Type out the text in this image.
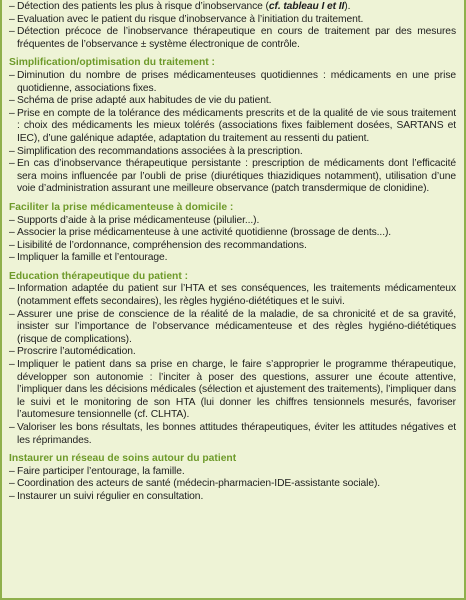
– Détection des patients les plus à risque d’inobservance (cf. tableau I et II).
– Evaluation avec le patient du risque d’inobservance à l’initiation du traitement.
– Détection précoce de l’inobservance thérapeutique en cours de traitement par des mesures fréquentes de l’observance ± système électronique de contrôle.
Simplification/optimisation du traitement :
– Diminution du nombre de prises médicamenteuses quotidiennes : médicaments en une prise quotidienne, associations fixes.
– Schéma de prise adapté aux habitudes de vie du patient.
– Prise en compte de la tolérance des médicaments prescrits et de la qualité de vie sous traitement : choix des médicaments les mieux tolérés (associations fixes faiblement dosées, SARTANS et IEC), d’une galénique adaptée, adaptation du traitement au ressenti du patient.
– Simplification des recommandations associées à la prescription.
– En cas d’inobservance thérapeutique persistante : prescription de médicaments dont l’efficacité sera moins influencée par l’oubli de prise (diurétiques thiazidiques notamment), utilisation d’une voie d’administration assurant une meilleure observance (patch transdermique de clonidine).
Faciliter la prise médicamenteuse à domicile :
– Supports d’aide à la prise médicamenteuse (pilulier...).
– Associer la prise médicamenteuse à une activité quotidienne (brossage de dents...).
– Lisibilité de l’ordonnance, compréhension des recommandations.
– Impliquer la famille et l’entourage.
Education thérapeutique du patient :
– Information adaptée du patient sur l’HTA et ses conséquences, les traitements médicamenteux (notamment effets secondaires), les règles hygiéno-diététiques et le suivi.
– Assurer une prise de conscience de la réalité de la maladie, de sa chronicité et de sa gravité, insister sur l’importance de l’observance médicamenteuse et des règles hygiéno-diététiques (risque de complications).
– Proscrire l’automédication.
– Impliquer le patient dans sa prise en charge, le faire s’approprier le programme thérapeutique, développer son autonomie : l’inciter à poser des questions, assurer une écoute attentive, l’impliquer dans les décisions médicales (sélection et ajustement des traitements), l’impliquer dans le suivi et le monitoring de son HTA (lui donner les chiffres tensionnels mesurés, favoriser l’automesure tensionnelle (cf. CLHTA).
– Valoriser les bons résultats, les bonnes attitudes thérapeutiques, éviter les attitudes négatives et les réprimandes.
Instaurer un réseau de soins autour du patient
– Faire participer l’entourage, la famille.
– Coordination des acteurs de santé (médecin-pharmacien-IDE-assistante sociale).
– Instaurer un suivi régulier en consultation.
